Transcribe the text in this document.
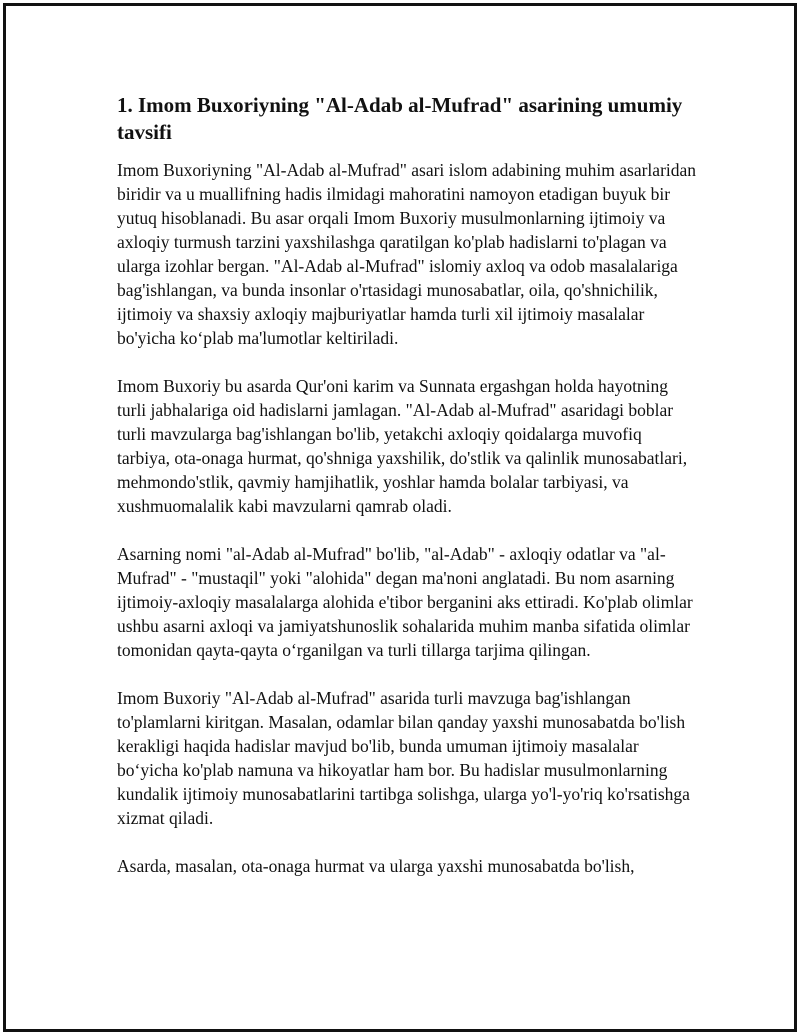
1. Imom Buxoriyning "Al-Adab al-Mufrad" asarining umumiy tavsifi

Imom Buxoriyning "Al-Adab al-Mufrad" asari islom adabining muhim asarlaridan biridir va u muallifning hadis ilmidagi mahoratini namoyon etadigan buyuk bir yutuq hisoblanadi. Bu asar orqali Imom Buxoriy musulmonlarning ijtimoiy va axloqiy turmush tarzini yaxshilashga qaratilgan ko'plab hadislarni to'plagan va ularga izohlar bergan. "Al-Adab al-Mufrad" islomiy axloq va odob masalalariga bag'ishlangan, va bunda insonlar o'rtasidagi munosabatlar, oila, qo'shnichilik, ijtimoiy va shaxsiy axloqiy majburiyatlar hamda turli xil ijtimoiy masalalar bo'yicha ko‘plab ma'lumotlar keltiriladi.

Imom Buxoriy bu asarda Qur'oni karim va Sunnata ergashgan holda hayotning turli jabhalariga oid hadislarni jamlagan. "Al-Adab al-Mufrad" asaridagi boblar turli mavzularga bag'ishlangan bo'lib, yetakchi axloqiy qoidalarga muvofiq tarbiya, ota-onaga hurmat, qo'shniga yaxshilik, do'stlik va qalinlik munosabatlari, mehmondo'stlik, qavmiy hamjihatlik, yoshlar hamda bolalar tarbiyasi, va xushmuomalalik kabi mavzularni qamrab oladi.

Asarning nomi "al-Adab al-Mufrad" bo'lib, "al-Adab" - axloqiy odatlar va "al-Mufrad" - "mustaqil" yoki "alohida" degan ma'noni anglatadi. Bu nom asarning ijtimoiy-axloqiy masalalarga alohida e'tibor berganini aks ettiradi. Ko'plab olimlar ushbu asarni axloqi va jamiyatshunoslik sohalarida muhim manba sifatida olimlar tomonidan qayta-qayta o‘rganilgan va turli tillarga tarjima qilingan.

Imom Buxoriy "Al-Adab al-Mufrad" asarida turli mavzuga bag'ishlangan to'plamlarni kiritgan. Masalan, odamlar bilan qanday yaxshi munosabatda bo'lish kerakligi haqida hadislar mavjud bo'lib, bunda umuman ijtimoiy masalalar bo‘yicha ko'plab namuna va hikoyatlar ham bor. Bu hadislar musulmonlarning kundalik ijtimoiy munosabatlarini tartibga solishga, ularga yo'l-yo'riq ko'rsatishga xizmat qiladi.

Asarda, masalan, ota-onaga hurmat va ularga yaxshi munosabatda bo'lish,
